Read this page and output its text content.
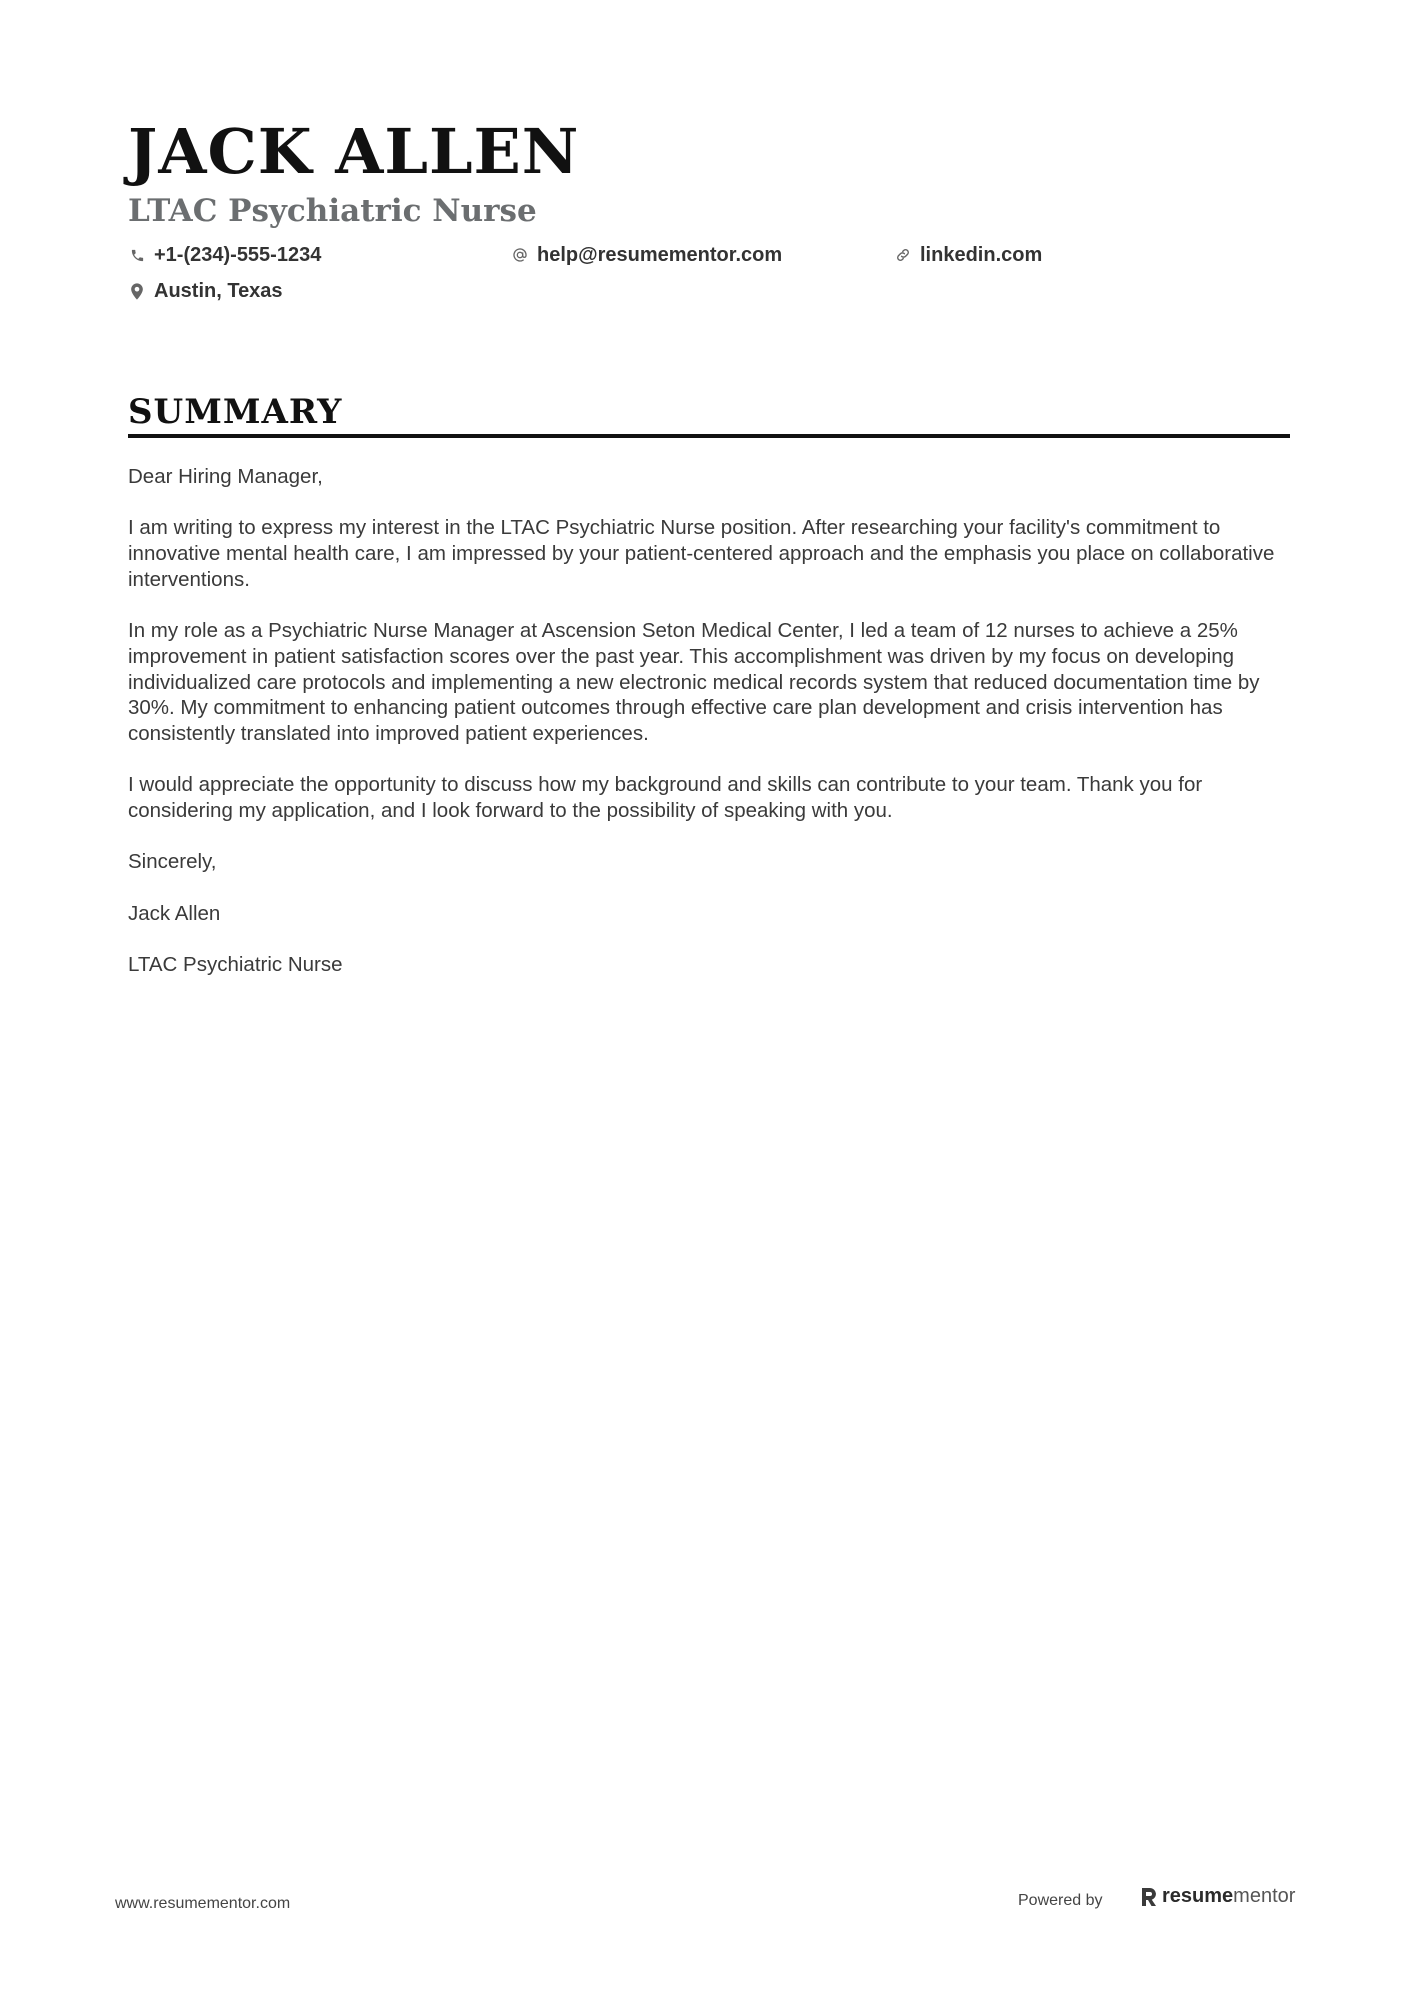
JACK ALLEN
LTAC Psychiatric Nurse
+1-(234)-555-1234	help@resumementor.com	linkedin.com
Austin, Texas
SUMMARY

Dear Hiring Manager,

I am writing to express my interest in the LTAC Psychiatric Nurse position. After researching your facility's commitment to innovative mental health care, I am impressed by your patient-centered approach and the emphasis you place on collaborative interventions.

In my role as a Psychiatric Nurse Manager at Ascension Seton Medical Center, I led a team of 12 nurses to achieve a 25% improvement in patient satisfaction scores over the past year. This accomplishment was driven by my focus on developing individualized care protocols and implementing a new electronic medical records system that reduced documentation time by 30%. My commitment to enhancing patient outcomes through effective care plan development and crisis intervention has consistently translated into improved patient experiences.

I would appreciate the opportunity to discuss how my background and skills can contribute to your team. Thank you for considering my application, and I look forward to the possibility of speaking with you.

Sincerely,

Jack Allen

LTAC Psychiatric Nurse

www.resumementor.com	Powered by	resume mentor
